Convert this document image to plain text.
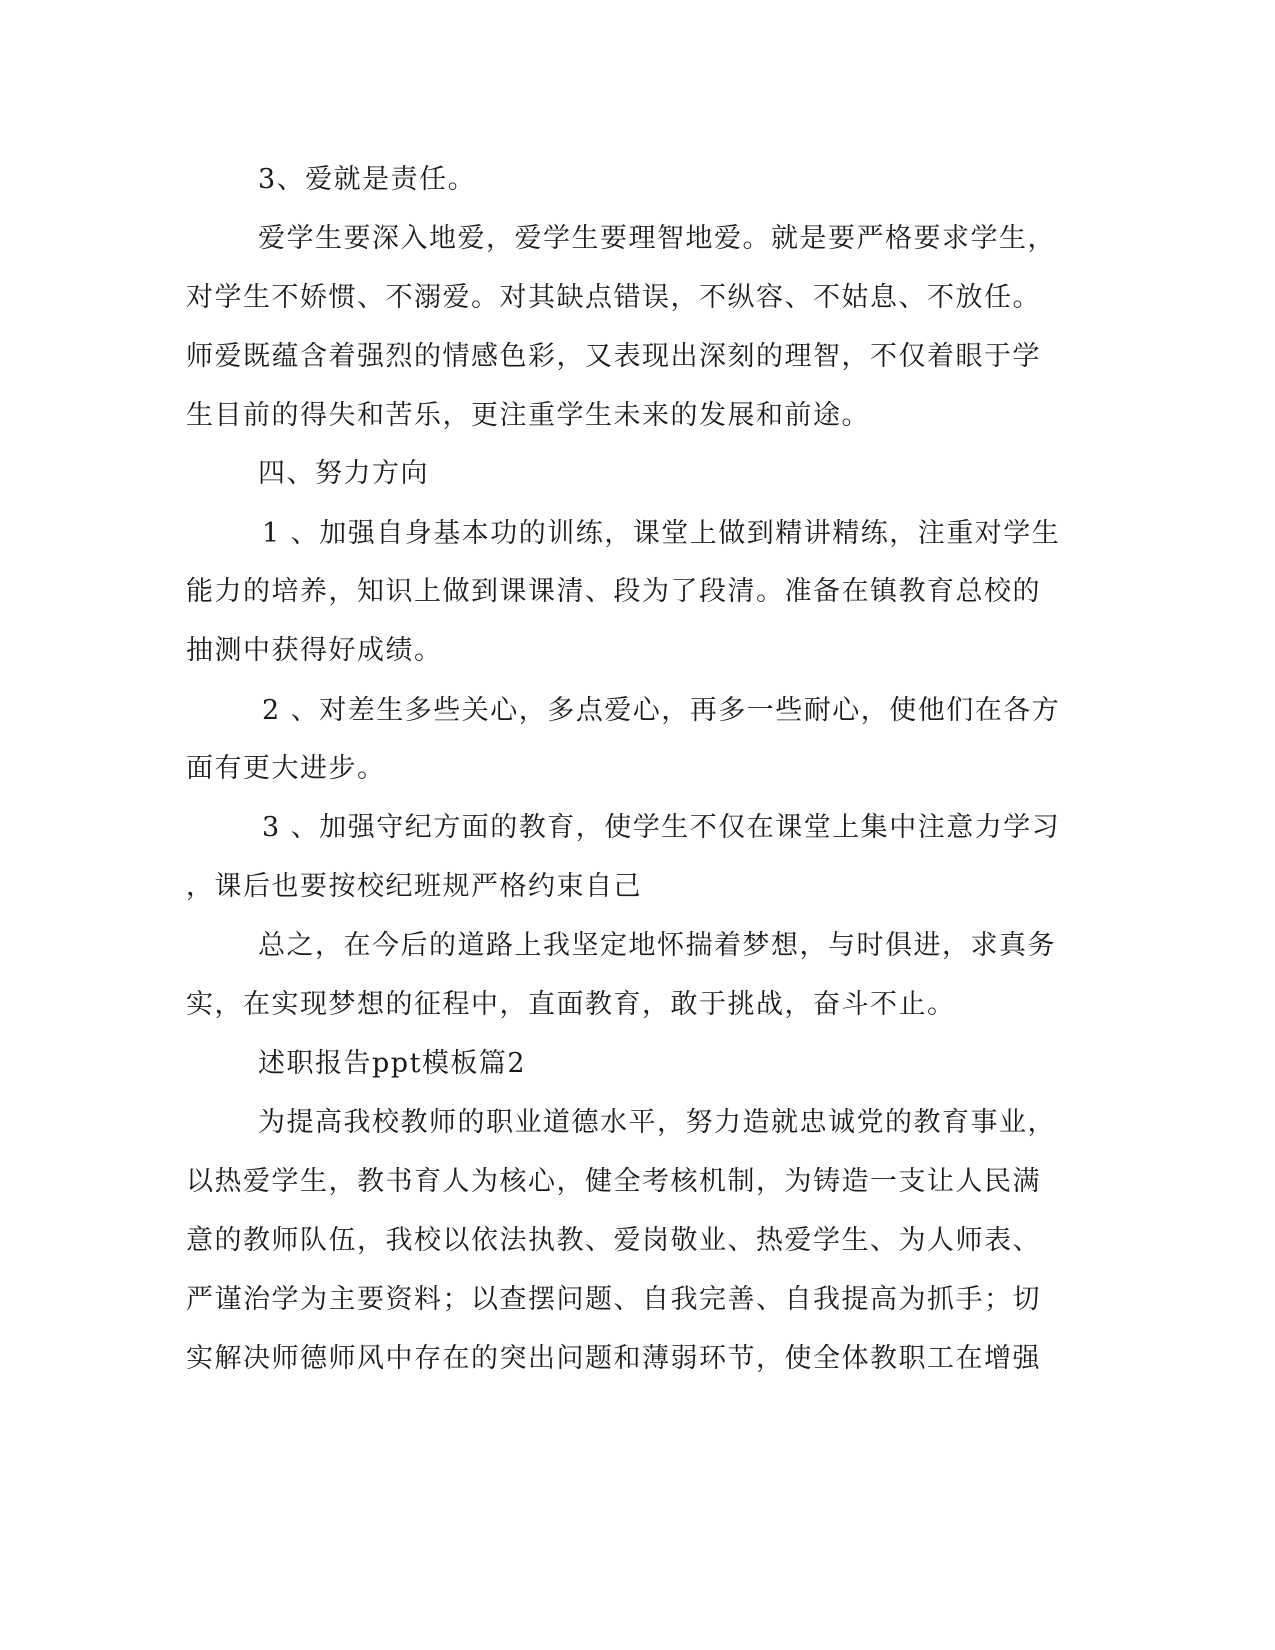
3、爱就是责任。
爱学生要深入地爱，爱学生要理智地爱。就是要严格要求学生，
对学生不娇惯、不溺爱。对其缺点错误，不纵容、不姑息、不放任。
师爱既蕴含着强烈的情感色彩，又表现出深刻的理智，不仅着眼于学
生目前的得失和苦乐，更注重学生未来的发展和前途。
四、努力方向
1 、加强自身基本功的训练，课堂上做到精讲精练，注重对学生
能力的培养，知识上做到课课清、段为了段清。准备在镇教育总校的
抽测中获得好成绩。
2 、对差生多些关心，多点爱心，再多一些耐心，使他们在各方
面有更大进步。
3 、加强守纪方面的教育，使学生不仅在课堂上集中注意力学习
，课后也要按校纪班规严格约束自己
总之，在今后的道路上我坚定地怀揣着梦想，与时俱进，求真务
实，在实现梦想的征程中，直面教育，敢于挑战，奋斗不止。
述职报告ppt模板篇2
为提高我校教师的职业道德水平，努力造就忠诚党的教育事业，
以热爱学生，教书育人为核心，健全考核机制，为铸造一支让人民满
意的教师队伍，我校以依法执教、爱岗敬业、热爱学生、为人师表、
严谨治学为主要资料；以查摆问题、自我完善、自我提高为抓手；切
实解决师德师风中存在的突出问题和薄弱环节，使全体教职工在增强
